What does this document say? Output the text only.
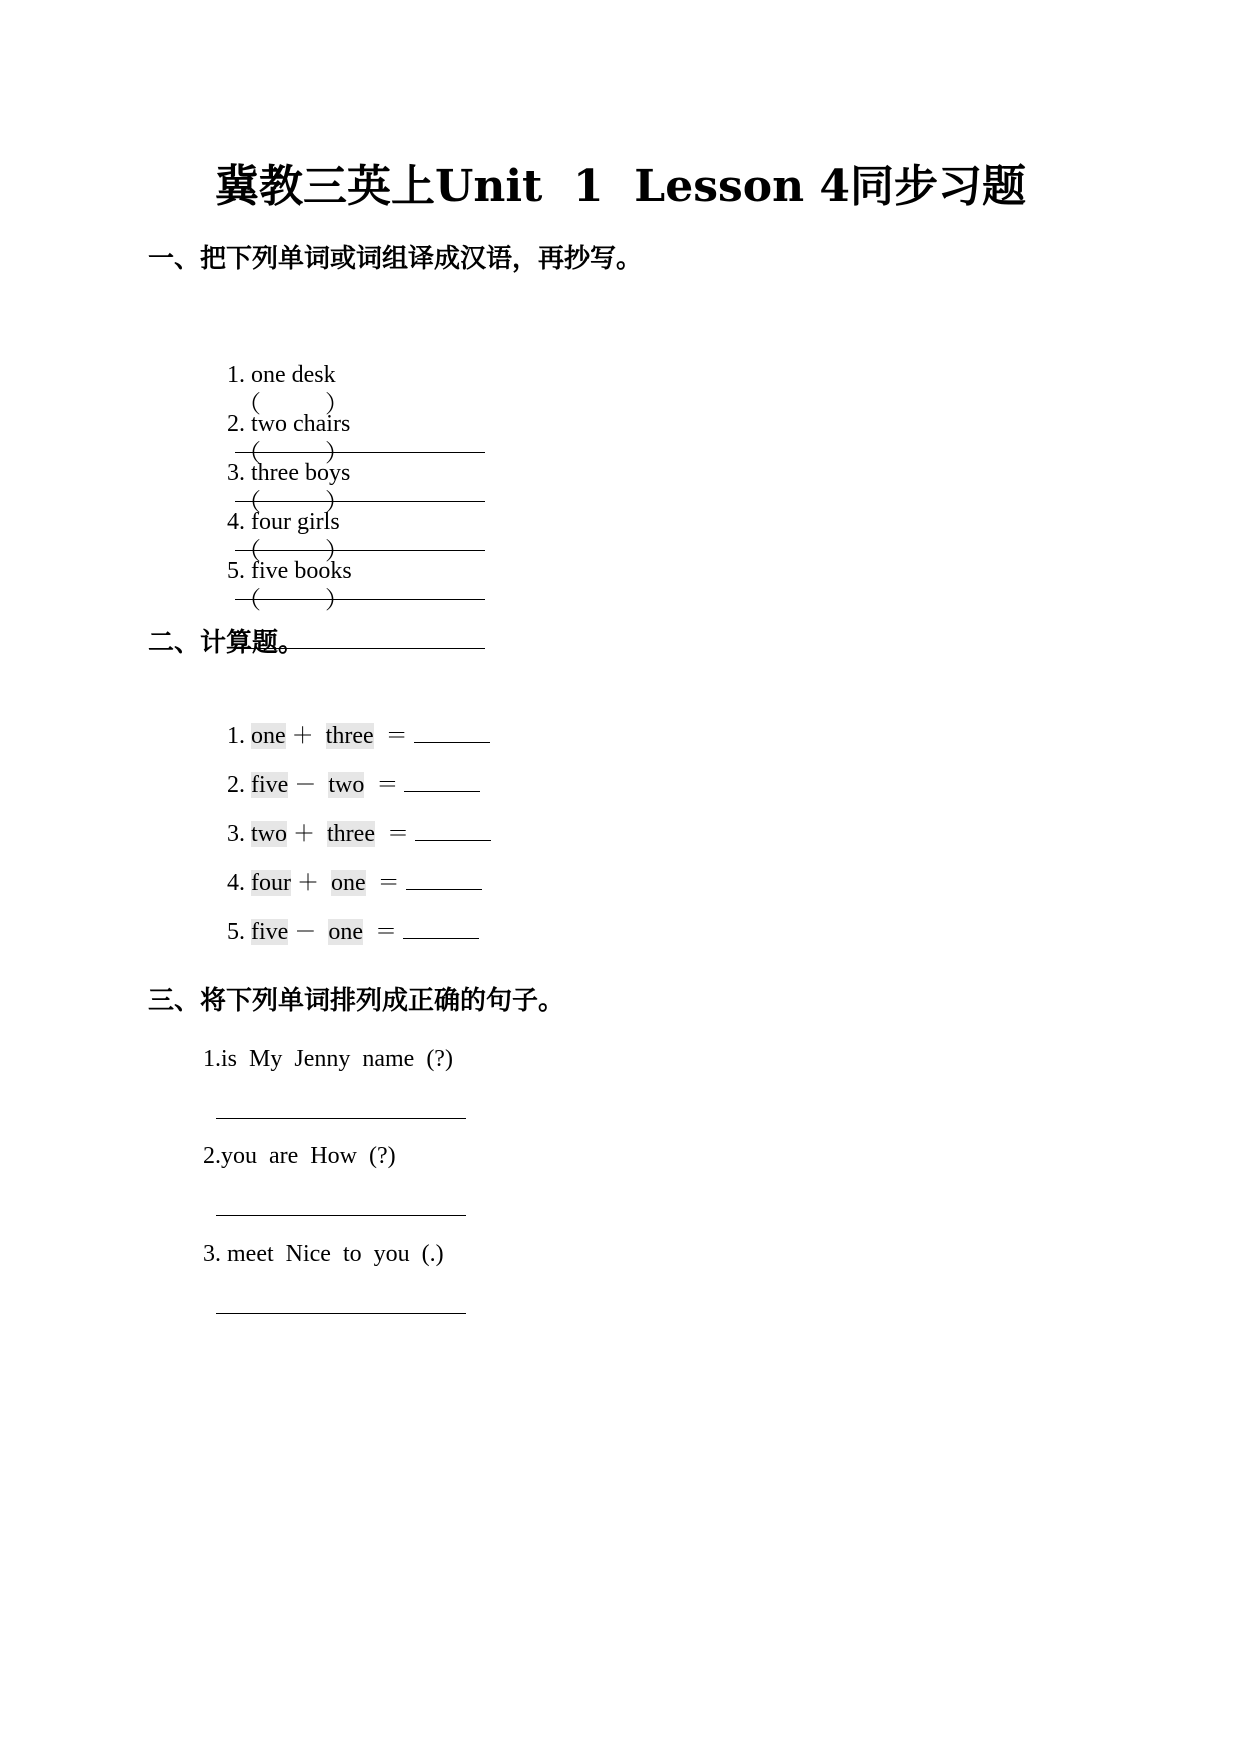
冀教三英上Unit  1  Lesson 4同步习题
一、把下列单词或词组译成汉语，再抄写。

1. one desk

（	）

2. two chairs

（	）

3. three boys

（	）

4. four girls

（	）

5. five books

（	）

二、计算题。

1. one ＋ three ＝

2. five － two ＝

3. two ＋ three ＝

4. four ＋ one ＝

5. five － one ＝

三、将下列单词排列成正确的句子。
1.is  My  Jenny  name  (?)
2.you  are  How  (?)
3. meet  Nice  to  you  (.)
